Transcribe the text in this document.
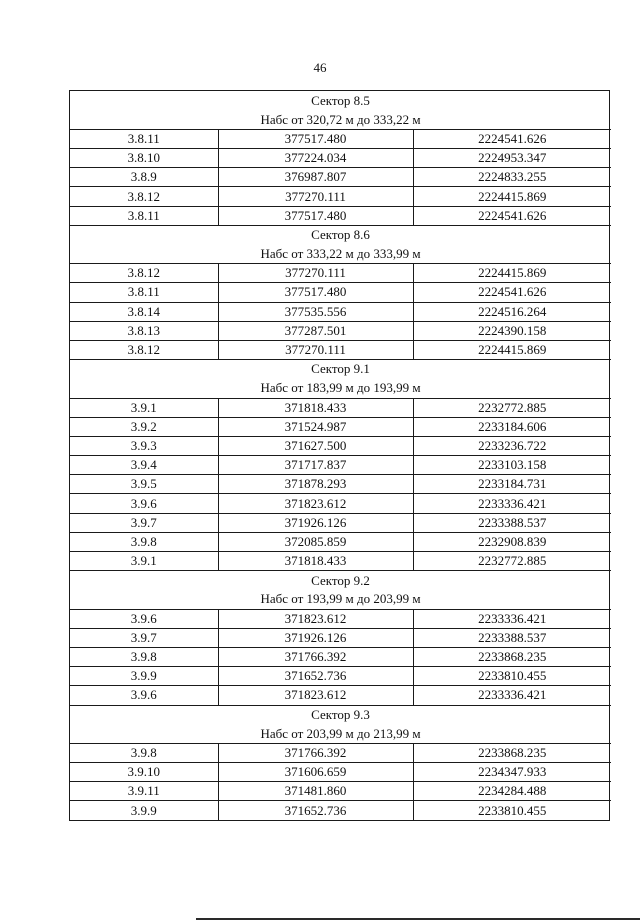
46
Сектор 8.5		
Набс от 320,72 м до 333,22 м		
3.8.11	377517.480	2224541.626
3.8.10	377224.034	2224953.347
3.8.9	376987.807	2224833.255
3.8.12	377270.111	2224415.869
3.8.11	377517.480	2224541.626
Сектор 8.6		
Набс от 333,22 м до 333,99 м		
3.8.12	377270.111	2224415.869
3.8.11	377517.480	2224541.626
3.8.14	377535.556	2224516.264
3.8.13	377287.501	2224390.158
3.8.12	377270.111	2224415.869
Сектор 9.1		
Набс от 183,99 м до 193,99 м		
3.9.1	371818.433	2232772.885
3.9.2	371524.987	2233184.606
3.9.3	371627.500	2233236.722
3.9.4	371717.837	2233103.158
3.9.5	371878.293	2233184.731
3.9.6	371823.612	2233336.421
3.9.7	371926.126	2233388.537
3.9.8	372085.859	2232908.839
3.9.1	371818.433	2232772.885
Сектор 9.2		
Набс от 193,99 м до 203,99 м		
3.9.6	371823.612	2233336.421
3.9.7	371926.126	2233388.537
3.9.8	371766.392	2233868.235
3.9.9	371652.736	2233810.455
3.9.6	371823.612	2233336.421
Сектор 9.3		
Набс от 203,99 м до 213,99 м		
3.9.8	371766.392	2233868.235
3.9.10	371606.659	2234347.933
3.9.11	371481.860	2234284.488
3.9.9	371652.736	2233810.455
